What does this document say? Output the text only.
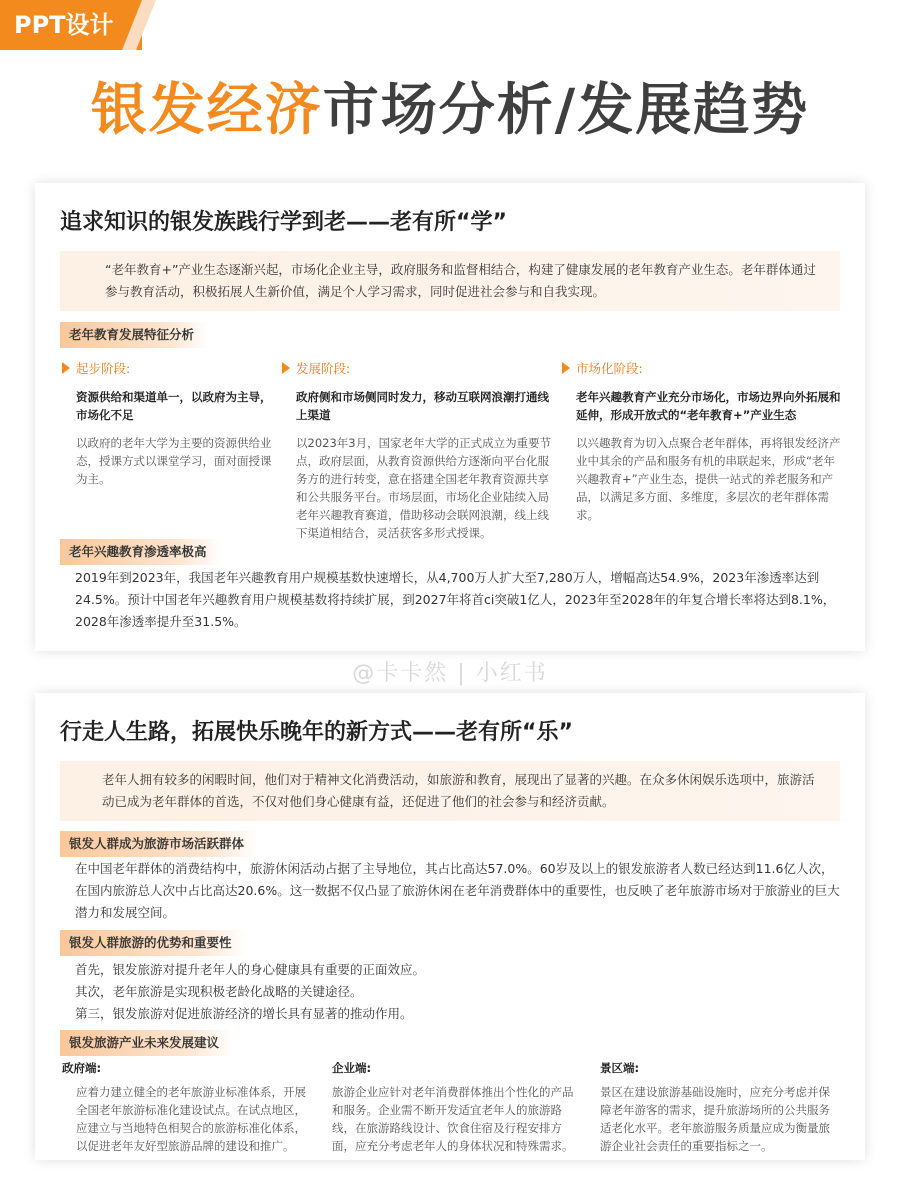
PPT设计
银发经济市场分析/发展趋势
追求知识的银发族践行学到老——老有所“学”

“老年教育+”产业生态逐渐兴起，市场化企业主导，政府服务和监督相结合，构建了健康发展的老年教育产业生态。老年群体通过参与教育活动，积极拓展人生新价值，满足个人学习需求，同时促进社会参与和自我实现。

老年教育发展特征分析
起步阶段:
资源供给和渠道单一，以政府为主导，市场化不足
以政府的老年大学为主要的资源供给业态，授课方式以课堂学习，面对面授课为主。
发展阶段:
政府侧和市场侧同时发力，移动互联网浪潮打通线上渠道
以2023年3月，国家老年大学的正式成立为重要节点，政府层面，从教育资源供给方逐渐向平台化服务方的进行转变，意在搭建全国老年教育资源共享和公共服务平台。市场层面，市场化企业陆续入局老年兴趣教育赛道，借助移动会联网浪潮，线上线下渠道相结合，灵活获客多形式授课。
市场化阶段:
老年兴趣教育产业充分市场化，市场边界向外拓展和延伸，形成开放式的“老年教育+”产业生态
以兴趣教育为切入点聚合老年群体，再将银发经济产业中其余的产品和服务有机的串联起来，形成“老年兴趣教育+”产业生态，提供一站式的养老服务和产品，以满足多方面、多维度，多层次的老年群体需求。
老年兴趣教育渗透率极高

2019年到2023年，我国老年兴趣教育用户规模基数快速增长，从4,700万人扩大至7,280万人，增幅高达54.9%，2023年渗透率达到24.5%。预计中国老年兴趣教育用户规模基数将持续扩展，到2027年将首ci突破1亿人，2023年至2028年的年复合增长率将达到8.1%，2028年渗透率提升至31.5%。

@卡卡然 | 小红书
行走人生路，拓展快乐晚年的新方式——老有所“乐”

老年人拥有较多的闲暇时间，他们对于精神文化消费活动，如旅游和教育，展现出了显著的兴趣。在众多休闲娱乐选项中，旅游活动已成为老年群体的首选，不仅对他们身心健康有益，还促进了他们的社会参与和经济贡献。

银发人群成为旅游市场活跃群体

在中国老年群体的消费结构中，旅游休闲活动占据了主导地位，其占比高达57.0%。60岁及以上的银发旅游者人数已经达到11.6亿人次，在国内旅游总人次中占比高达20.6%。这一数据不仅凸显了旅游休闲在老年消费群体中的重要性，也反映了老年旅游市场对于旅游业的巨大潜力和发展空间。

银发人群旅游的优势和重要性
首先，银发旅游对提升老年人的身心健康具有重要的正面效应。
其次，老年旅游是实现积极老龄化战略的关键途径。
第三，银发旅游对促进旅游经济的增长具有显著的推动作用。
银发旅游产业未来发展建议
政府端:
应着力建立健全的老年旅游业标准体系，开展全国老年旅游标准化建设试点。在试点地区，应建立与当地特色相契合的旅游标准化体系，以促进老年友好型旅游品牌的建设和推广。
企业端:
旅游企业应针对老年消费群体推出个性化的产品和服务。企业需不断开发适宜老年人的旅游路线，在旅游路线设计、饮食住宿及行程安排方面，应充分考虑老年人的身体状况和特殊需求。
景区端:
景区在建设旅游基础设施时，应充分考虑并保障老年游客的需求，提升旅游场所的公共服务适老化水平。老年旅游服务质量应成为衡量旅游企业社会责任的重要指标之一。
